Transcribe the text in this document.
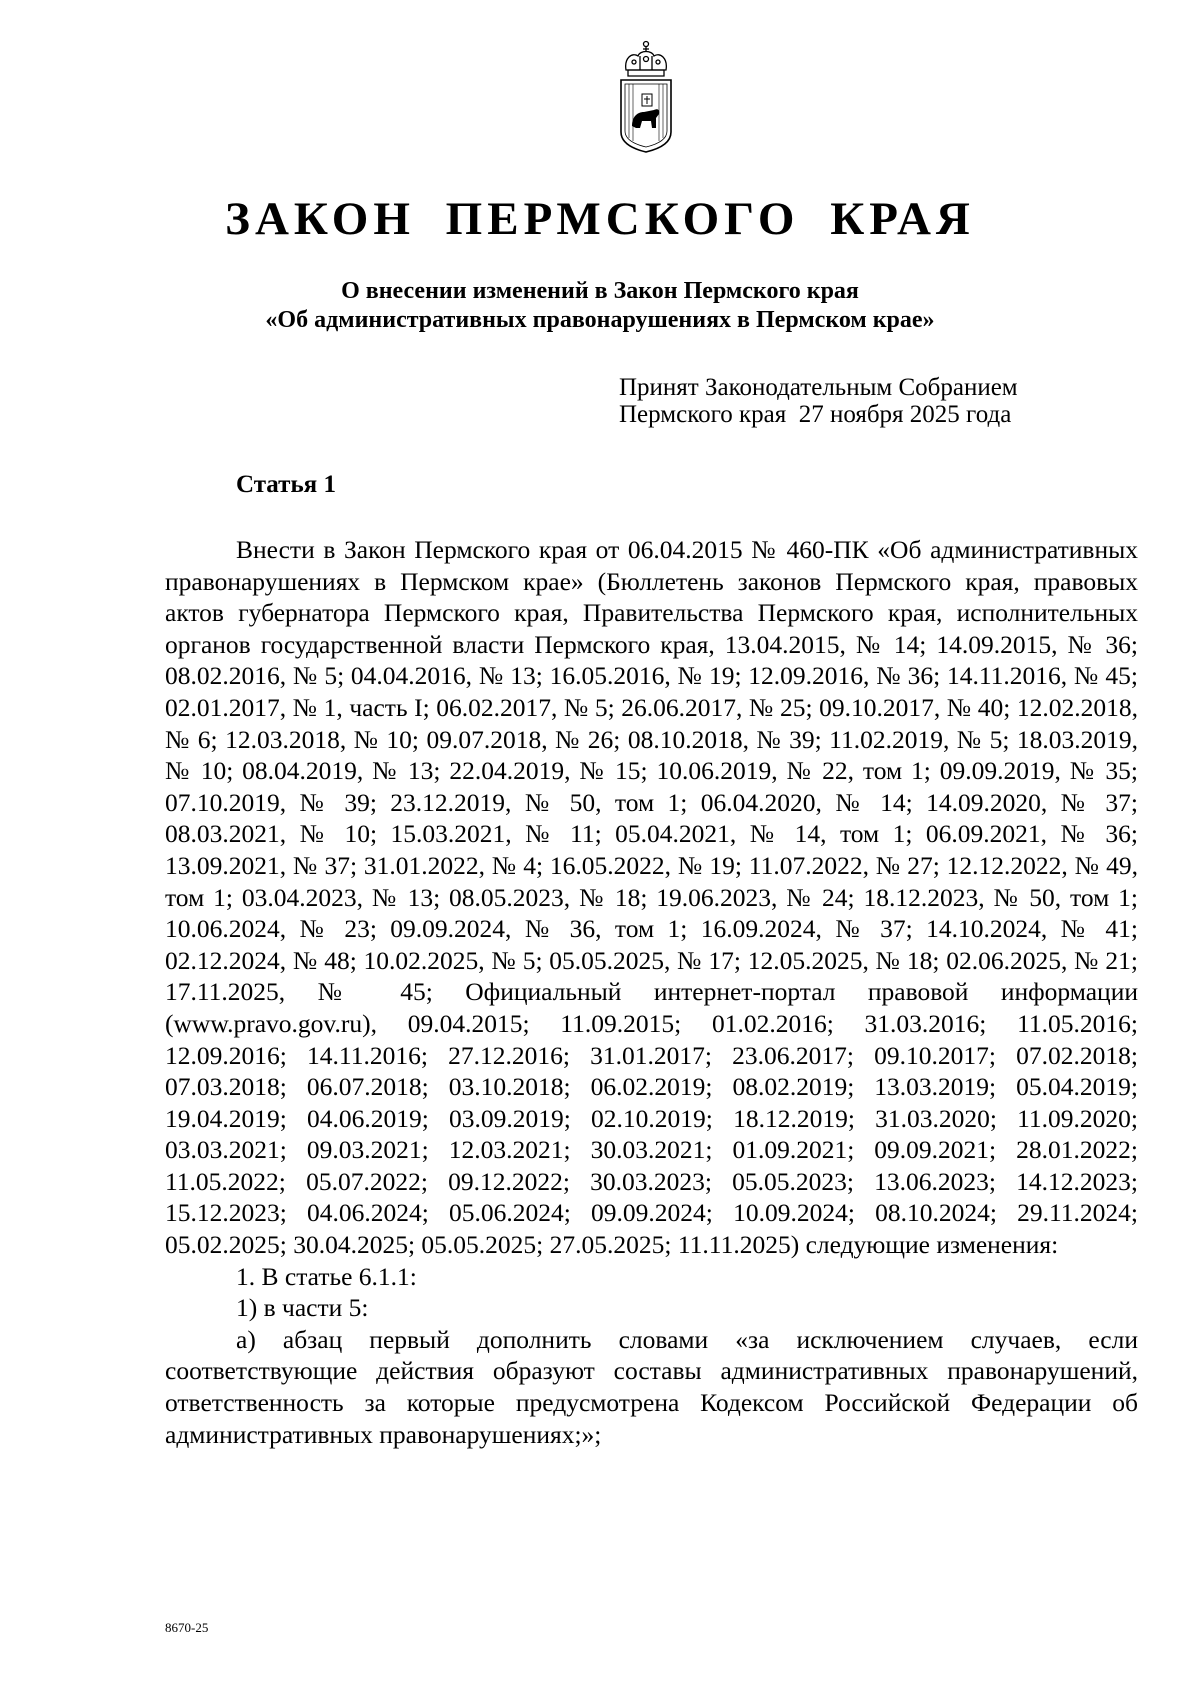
ЗАКОН ПЕРМСКОГО КРАЯ
О внесении изменений в Закон Пермского края
«Об административных правонарушениях в Пермском крае»
Принят Законодательным Собранием
Пермского края  27 ноября 2025 года
Статья 1

Внести в Закон Пермского края от 06.04.2015 № 460-ПК «Об административных правонарушениях в Пермском крае» (Бюллетень законов Пермского края, правовых актов губернатора Пермского края, Правительства Пермского края, исполнительных органов государственной власти Пермского края, 13.04.2015, № 14; 14.09.2015, № 36; 08.02.2016, № 5; 04.04.2016, № 13; 16.05.2016, № 19; 12.09.2016, № 36; 14.11.2016, № 45; 02.01.2017, № 1, часть I; 06.02.2017, № 5; 26.06.2017, № 25; 09.10.2017, № 40; 12.02.2018, № 6; 12.03.2018, № 10; 09.07.2018, № 26; 08.10.2018, № 39; 11.02.2019, № 5; 18.03.2019, № 10; 08.04.2019, № 13; 22.04.2019, № 15; 10.06.2019, № 22, том 1; 09.09.2019, № 35; 07.10.2019, № 39; 23.12.2019, № 50, том 1; 06.04.2020, № 14; 14.09.2020, № 37; 08.03.2021, № 10; 15.03.2021, № 11; 05.04.2021, № 14, том 1; 06.09.2021, № 36; 13.09.2021, № 37; 31.01.2022, № 4; 16.05.2022, № 19; 11.07.2022, № 27; 12.12.2022, № 49, том 1; 03.04.2023, № 13; 08.05.2023, № 18; 19.06.2023, № 24; 18.12.2023, № 50, том 1; 10.06.2024, № 23; 09.09.2024, № 36, том 1; 16.09.2024, № 37; 14.10.2024, № 41; 02.12.2024, № 48; 10.02.2025, № 5; 05.05.2025, № 17; 12.05.2025, № 18; 02.06.2025, № 21; 17.11.2025, № 45; Официальный интернет-портал правовой информации (www.pravo.gov.ru), 09.04.2015; 11.09.2015; 01.02.2016; 31.03.2016; 11.05.2016; 12.09.2016; 14.11.2016; 27.12.2016; 31.01.2017; 23.06.2017; 09.10.2017; 07.02.2018; 07.03.2018; 06.07.2018; 03.10.2018; 06.02.2019; 08.02.2019; 13.03.2019; 05.04.2019; 19.04.2019; 04.06.2019; 03.09.2019; 02.10.2019; 18.12.2019; 31.03.2020; 11.09.2020; 03.03.2021; 09.03.2021; 12.03.2021; 30.03.2021; 01.09.2021; 09.09.2021; 28.01.2022; 11.05.2022; 05.07.2022; 09.12.2022; 30.03.2023; 05.05.2023; 13.06.2023; 14.12.2023; 15.12.2023; 04.06.2024; 05.06.2024; 09.09.2024; 10.09.2024; 08.10.2024; 29.11.2024; 05.02.2025; 30.04.2025; 05.05.2025; 27.05.2025; 11.11.2025) следующие изменения:

1. В статье 6.1.1:

1) в части 5:

а) абзац первый дополнить словами «за исключением случаев, если соответствующие действия образуют составы административных правонарушений, ответственность за которые предусмотрена Кодексом Российской Федерации об административных правонарушениях;»;

8670-25
